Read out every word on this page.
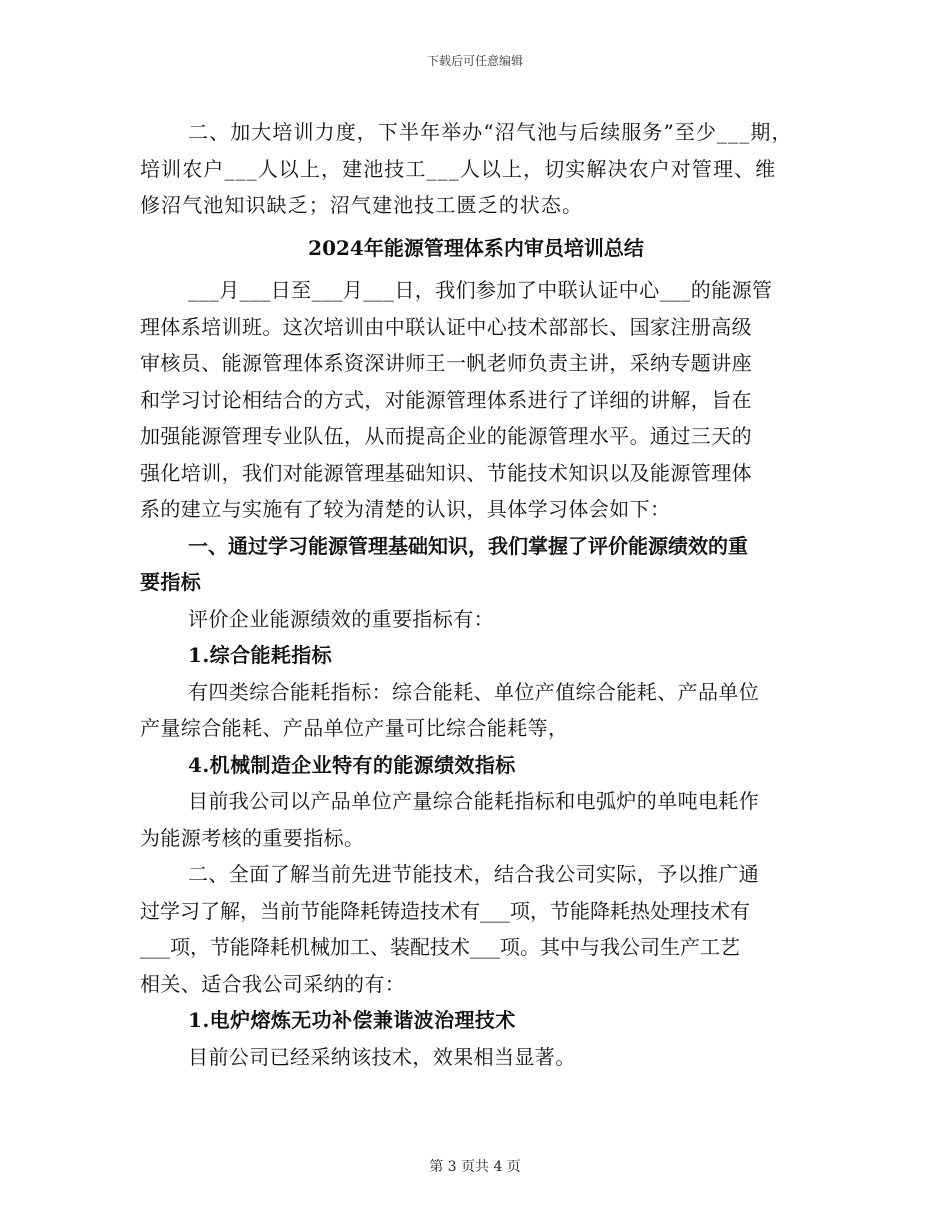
下载后可任意编辑

二、加大培训力度，下半年举办“沼气池与后续服务”至少___期，

培训农户___人以上，建池技工___人以上，切实解决农户对管理、维

修沼气池知识缺乏；沼气建池技工匮乏的状态。

2024年能源管理体系内审员培训总结

___月___日至___月___日，我们参加了中联认证中心___的能源管

理体系培训班。这次培训由中联认证中心技术部部长、国家注册高级

审核员、能源管理体系资深讲师王一帆老师负责主讲，采纳专题讲座

和学习讨论相结合的方式，对能源管理体系进行了详细的讲解，旨在

加强能源管理专业队伍，从而提高企业的能源管理水平。通过三天的

强化培训，我们对能源管理基础知识、节能技术知识以及能源管理体

系的建立与实施有了较为清楚的认识，具体学习体会如下：

一、通过学习能源管理基础知识，我们掌握了评价能源绩效的重

要指标

评价企业能源绩效的重要指标有：

1.综合能耗指标

有四类综合能耗指标：综合能耗、单位产值综合能耗、产品单位

产量综合能耗、产品单位产量可比综合能耗等，

4.机械制造企业特有的能源绩效指标

目前我公司以产品单位产量综合能耗指标和电弧炉的单吨电耗作

为能源考核的重要指标。

二、全面了解当前先进节能技术，结合我公司实际，予以推广通

过学习了解，当前节能降耗铸造技术有___项，节能降耗热处理技术有

___项，节能降耗机械加工、装配技术___项。其中与我公司生产工艺

相关、适合我公司采纳的有：

1.电炉熔炼无功补偿兼谐波治理技术

目前公司已经采纳该技术，效果相当显著。

第 3 页共 4 页
